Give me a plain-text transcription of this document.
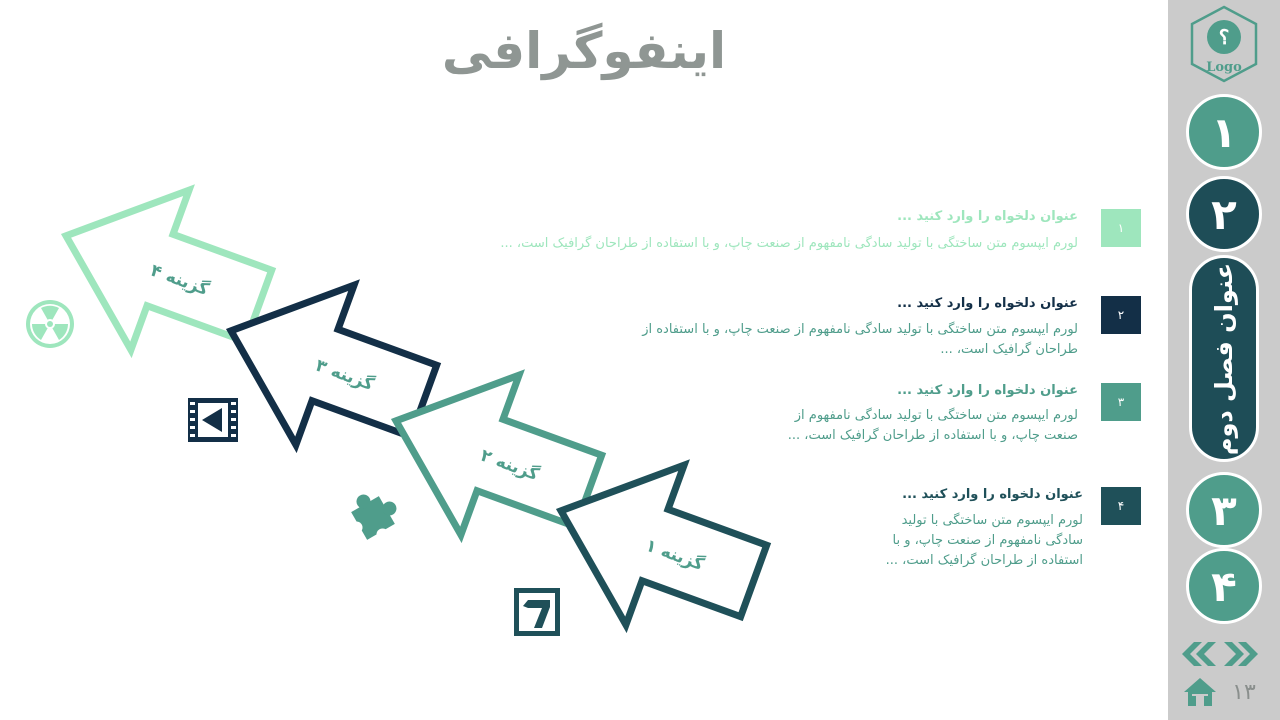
اینفوگرافی
گزینه ۴
گزینه ۳
گزینه ۲
گزینه ۱
عنوان دلخواه را وارد کنید ...
لورم ایپسوم متن ساختگی با تولید سادگی نامفهوم از صنعت چاپ، و با استفاده از طراحان گرافیک است، ...
۱
عنوان دلخواه را وارد کنید ...
لورم ایپسوم متن ساختگی با تولید سادگی نامفهوم از صنعت چاپ، و با استفاده از طراحان گرافیک است، ...
۲
عنوان دلخواه را وارد کنید ...
لورم ایپسوم متن ساختگی با تولید سادگی نامفهوم از صنعت چاپ، و با استفاده از طراحان گرافیک است، ...
۳
عنوان دلخواه را وارد کنید ...
لورم ایپسوم متن ساختگی با تولید سادگی نامفهوم از صنعت چاپ، و با استفاده از طراحان گرافیک است، ...
۴
؟
Logo
۱
۲
عنوان فصل دوم
۳
۴
۱۳
